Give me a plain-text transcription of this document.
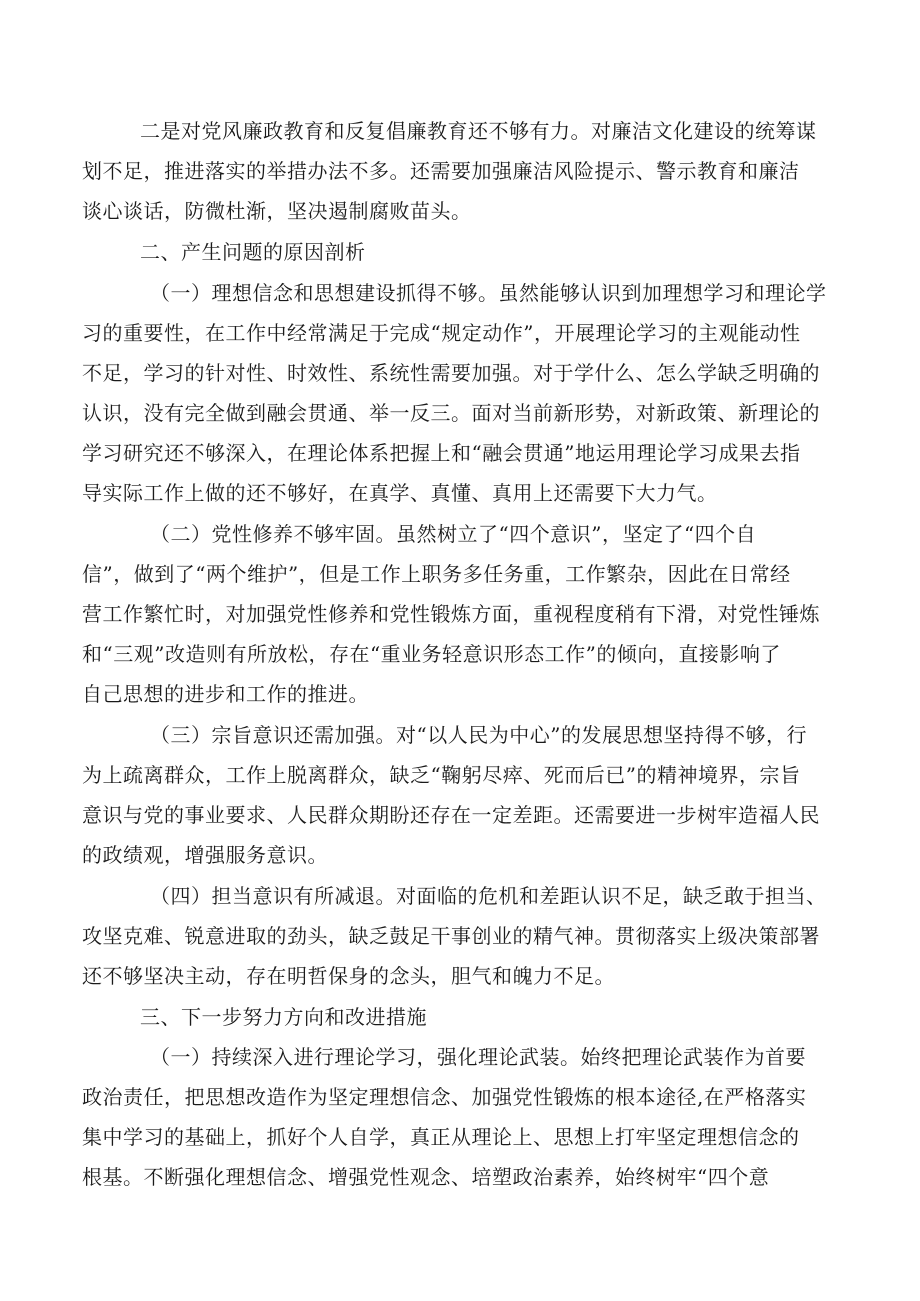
二是对党风廉政教育和反复倡廉教育还不够有力。对廉洁文化建设的统筹谋
划不足，推进落实的举措办法不多。还需要加强廉洁风险提示、警示教育和廉洁
谈心谈话，防微杜渐，坚决遏制腐败苗头。
二、产生问题的原因剖析
（一）理想信念和思想建设抓得不够。虽然能够认识到加理想学习和理论学
习的重要性，在工作中经常满足于完成“规定动作”，开展理论学习的主观能动性
不足，学习的针对性、时效性、系统性需要加强。对于学什么、怎么学缺乏明确的
认识，没有完全做到融会贯通、举一反三。面对当前新形势，对新政策、新理论的
学习研究还不够深入，在理论体系把握上和“融会贯通”地运用理论学习成果去指
导实际工作上做的还不够好，在真学、真懂、真用上还需要下大力气。
（二）党性修养不够牢固。虽然树立了“四个意识”，坚定了“四个自
信”，做到了“两个维护”，但是工作上职务多任务重，工作繁杂，因此在日常经
营工作繁忙时，对加强党性修养和党性锻炼方面，重视程度稍有下滑，对党性锤炼
和“三观”改造则有所放松，存在“重业务轻意识形态工作”的倾向，直接影响了
自己思想的进步和工作的推进。
（三）宗旨意识还需加强。对“以人民为中心”的发展思想坚持得不够，行
为上疏离群众，工作上脱离群众，缺乏“鞠躬尽瘁、死而后已”的精神境界，宗旨
意识与党的事业要求、人民群众期盼还存在一定差距。还需要进一步树牢造福人民
的政绩观，增强服务意识。
（四）担当意识有所减退。对面临的危机和差距认识不足，缺乏敢于担当、
攻坚克难、锐意进取的劲头，缺乏鼓足干事创业的精气神。贯彻落实上级决策部署
还不够坚决主动，存在明哲保身的念头，胆气和魄力不足。
三、下一步努力方向和改进措施
（一）持续深入进行理论学习，强化理论武装。始终把理论武装作为首要
政治责任，把思想改造作为坚定理想信念、加强党性锻炼的根本途径,在严格落实
集中学习的基础上，抓好个人自学，真正从理论上、思想上打牢坚定理想信念的
根基。不断强化理想信念、增强党性观念、培塑政治素养，始终树牢“四个意
